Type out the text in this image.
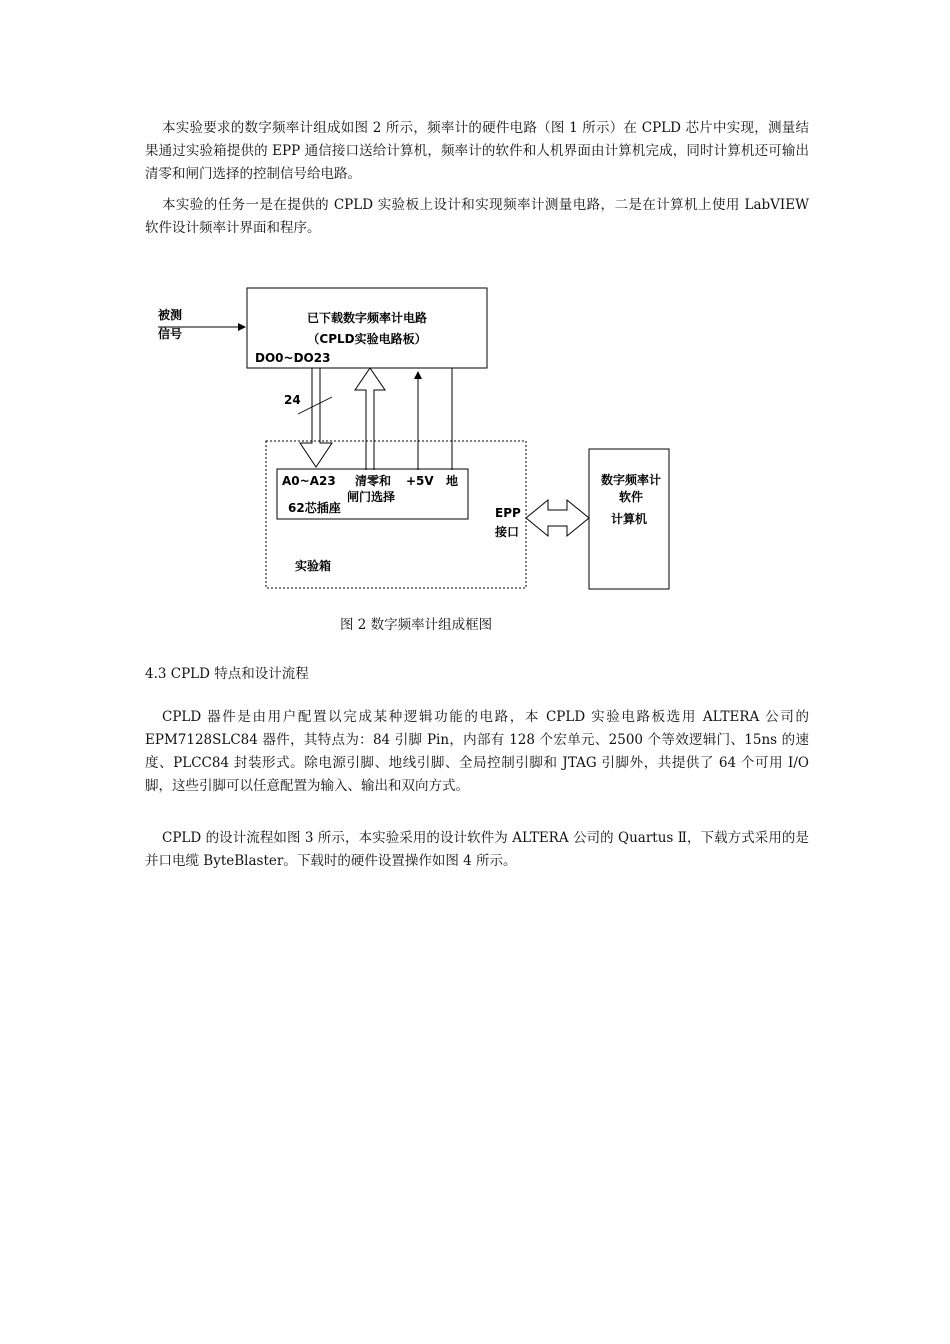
本实验要求的数字频率计组成如图 2 所示，频率计的硬件电路（图 1 所示）在 CPLD 芯片中实现，测量结果通过实验箱提供的 EPP 通信接口送给计算机，频率计的软件和人机界面由计算机完成，同时计算机还可输出清零和闸门选择的控制信号给电路。

本实验的任务一是在提供的 CPLD 实验板上设计和实现频率计测量电路，二是在计算机上使用 LabVIEW 软件设计频率计界面和程序。

被测
信号
已下载数字频率计电路
（CPLD实验电路板）
DO0~DO23
24
A0~A23 清零和
闸门选择
+5V 地
62芯插座	EPP
接口
数字频率计
软件
计算机
实验箱

图 2 数字频率计组成框图

4.3 CPLD 特点和设计流程

CPLD 器件是由用户配置以完成某种逻辑功能的电路，本 CPLD 实验电路板选用 ALTERA 公司的 EPM7128SLC84 器件，其特点为：84 引脚 Pin，内部有 128 个宏单元、2500 个等效逻辑门、15ns 的速度、PLCC84 封装形式。除电源引脚、地线引脚、全局控制引脚和 JTAG 引脚外，共提供了 64 个可用 I/O 脚，这些引脚可以任意配置为输入、输出和双向方式。

CPLD 的设计流程如图 3 所示，本实验采用的设计软件为 ALTERA 公司的 Quartus Ⅱ，下载方式采用的是并口电缆 ByteBlaster。下载时的硬件设置操作如图 4 所示。
